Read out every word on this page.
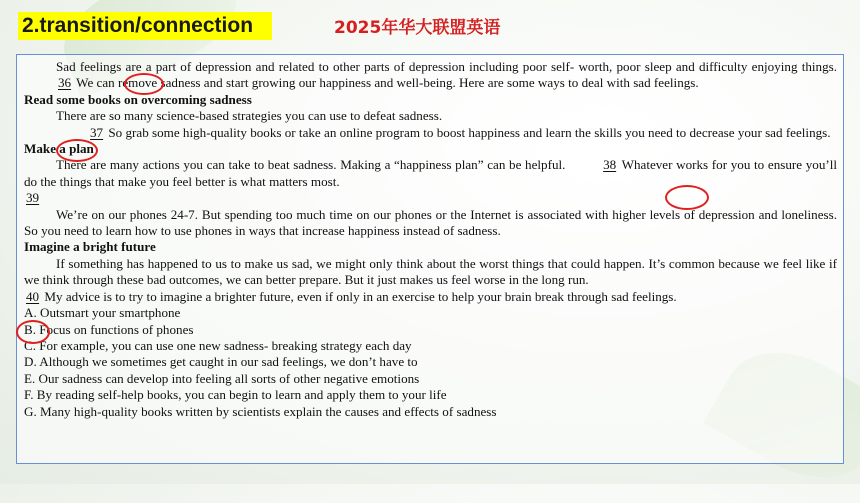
2.transition/connection	2025年华大联盟英语

Sad feelings are a part of depression and related to other parts of depression including poor self- worth, poor sleep and difficulty enjoying things. 36 We can remove sadness and start growing our happiness and well-being. Here are some ways to deal with sad feelings.

Read some books on overcoming sadness

There are so many science-based strategies you can use to defeat sadness.

37 So grab some high-quality books or take an online program to boost happiness and learn the skills you need to decrease your sad feelings.

Make a plan

There are many actions you can take to beat sadness. Making a “happiness plan” can be helpful.	38 Whatever works for you to ensure you’ll do the things that make you feel better is what matters most.

39

We’re on our phones 24-7. But spending too much time on our phones or the Internet is associated with higher levels of depression and loneliness. So you need to learn how to use phones in ways that increase happiness instead of sadness.

Imagine a bright future

If something has happened to us to make us sad, we might only think about the worst things that could happen. It’s common because we feel like if we think through these bad outcomes, we can better prepare. But it just makes us feel worse in the long run.

40 My advice is to try to imagine a brighter future, even if only in an exercise to help your brain break through sad feelings.

A. Outsmart your smartphone

B. Focus on functions of phones

C. For example, you can use one new sadness- breaking strategy each day

D. Although we sometimes get caught in our sad feelings, we don’t have to

E. Our sadness can develop into feeling all sorts of other negative emotions

F. By reading self-help books, you can begin to learn and apply them to your life

G. Many high-quality books written by scientists explain the causes and effects of sadness
